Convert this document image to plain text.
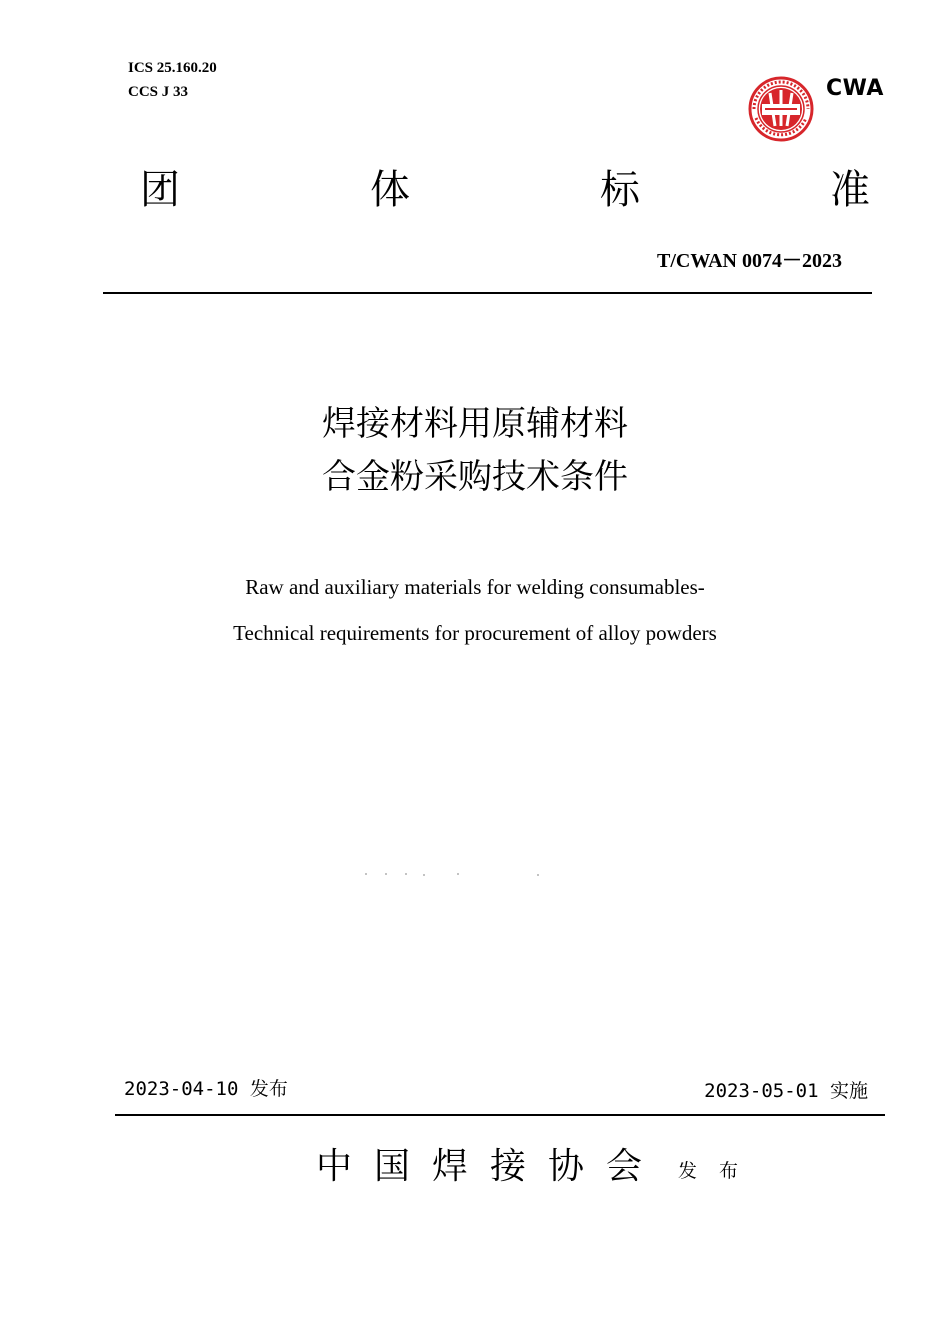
ICS 25.160.20
CCS J 33	CWA
团	体	标	准
T/CWAN 0074－2023
焊接材料用原辅材料
合金粉采购技术条件
Raw and auxiliary materials for welding consumables-
Technical requirements for procurement of alloy powders
2023-04-10 发布	2023-05-01 实施
中国焊接协会 发布
